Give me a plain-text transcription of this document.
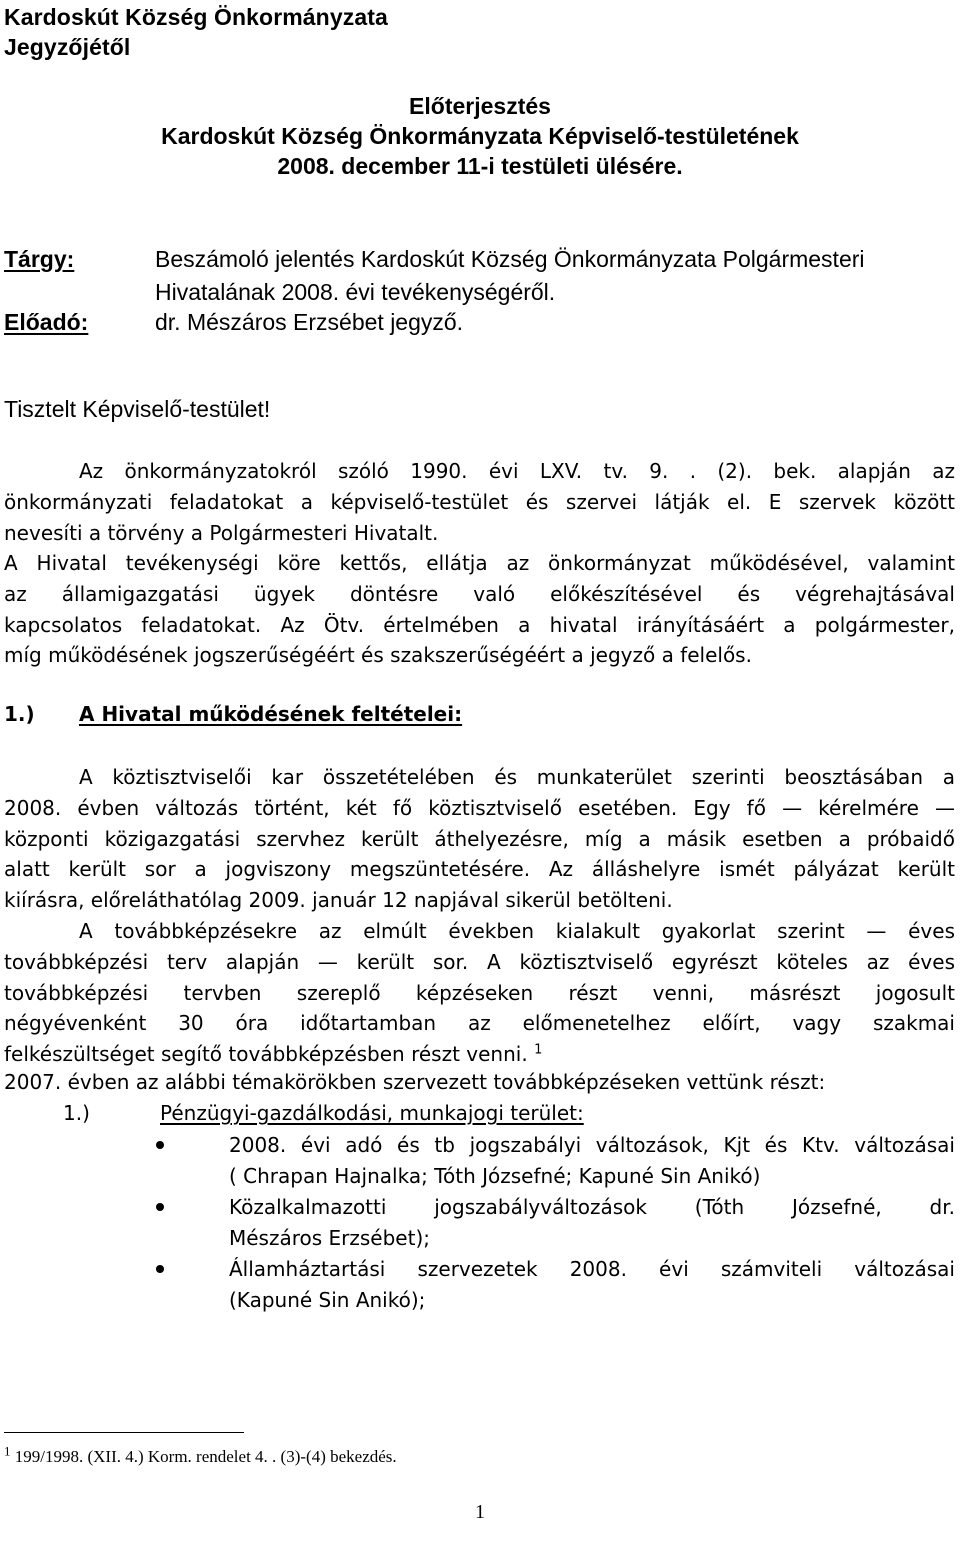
Kardoskút Község Önkormányzata
Jegyzőjétől
Előterjesztés
Kardoskút Község Önkormányzata Képviselő-testületének
2008. december 11-i testületi ülésére.
Tárgy:	Beszámoló jelentés Kardoskút Község Önkormányzata Polgármesteri
Hivatalának 2008. évi tevékenységéről.
Előadó:	dr. Mészáros Erzsébet jegyző.
Tisztelt Képviselő-testület!
Az önkormányzatokról szóló 1990. évi LXV. tv. 9. . (2). bek. alapján az
önkormányzati feladatokat a képviselő-testület és szervei látják el. E szervek között
nevesíti a törvény a Polgármesteri Hivatalt.
A Hivatal tevékenységi köre kettős, ellátja az önkormányzat működésével, valamint
az államigazgatási ügyek döntésre való előkészítésével és végrehajtásával
kapcsolatos feladatokat. Az Ötv. értelmében a hivatal irányításáért a polgármester,
míg működésének jogszerűségéért és szakszerűségéért a jegyző a felelős.
1.) A Hivatal működésének feltételei:
A köztisztviselői kar összetételében és munkaterület szerinti beosztásában a
2008. évben változás történt, két fő köztisztviselő esetében. Egy fő — kérelmére —
központi közigazgatási szervhez került áthelyezésre, míg a másik esetben a próbaidő
alatt került sor a jogviszony megszüntetésére. Az álláshelyre ismét pályázat került
kiírásra, előreláthatólag 2009. január 12 napjával sikerül betölteni.
A továbbképzésekre az elmúlt években kialakult gyakorlat szerint — éves
továbbképzési terv alapján — került sor. A köztisztviselő egyrészt köteles az éves
továbbképzési tervben szereplő képzéseken részt venni, másrészt jogosult
négyévenként 30 óra időtartamban az előmenetelhez előírt, vagy szakmai
felkészültséget segítő továbbképzésben részt venni. $^1$
2007. évben az alábbi témakörökben szervezett továbbképzéseken vettünk részt:
1.)	Pénzügyi-gazdálkodási, munkajogi terület:
2008. évi adó és tb jogszabályi változások, Kjt és Ktv. változásai
( Chrapan Hajnalka; Tóth Józsefné; Kapuné Sin Anikó)
Közalkalmazotti jogszabályváltozások (Tóth Józsefné, dr.
Mészáros Erzsébet);
Államháztartási szervezetek 2008. évi számviteli változásai
(Kapuné Sin Anikó);
$^1$ 199/1998. (XII. 4.) Korm. rendelet 4. . (3)-(4) bekezdés.
1
